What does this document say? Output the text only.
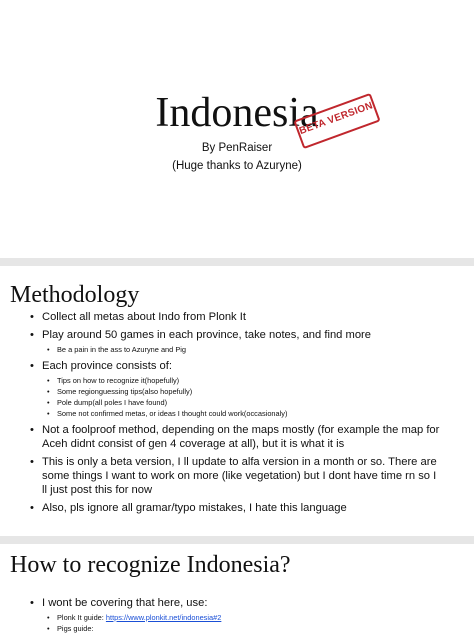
Indonesia
BETA VERSION
By PenRaiser
(Huge thanks to Azuryne)
Methodology
• Collect all metas about Indo from Plonk It
• Play around 50 games in each province, take notes, and find more
• Be a pain in the ass to Azuryne and Pig
• Each province consists of:
• Tips on how to recognize it(hopefully)
• Some regionguessing tips(also hopefully)
• Pole dump(all poles I have found)
• Some not confirmed metas, or ideas I thought could work(occasionaly)
• Not a foolproof method, depending on the maps mostly (for example the map for Aceh didnt consist of gen 4 coverage at all), but it is what it is
• This is only a beta version, I ll update to alfa version in a month or so. There are some things I want to work on more (like vegetation) but I dont have time rn so I ll just post this for now
• Also, pls ignore all gramar/typo mistakes, I hate this language
How to recognize Indonesia?
• I wont be covering that here, use:
• Plonk It guide: https://www.plonkit.net/indonesia#2
• Pigs guide:
